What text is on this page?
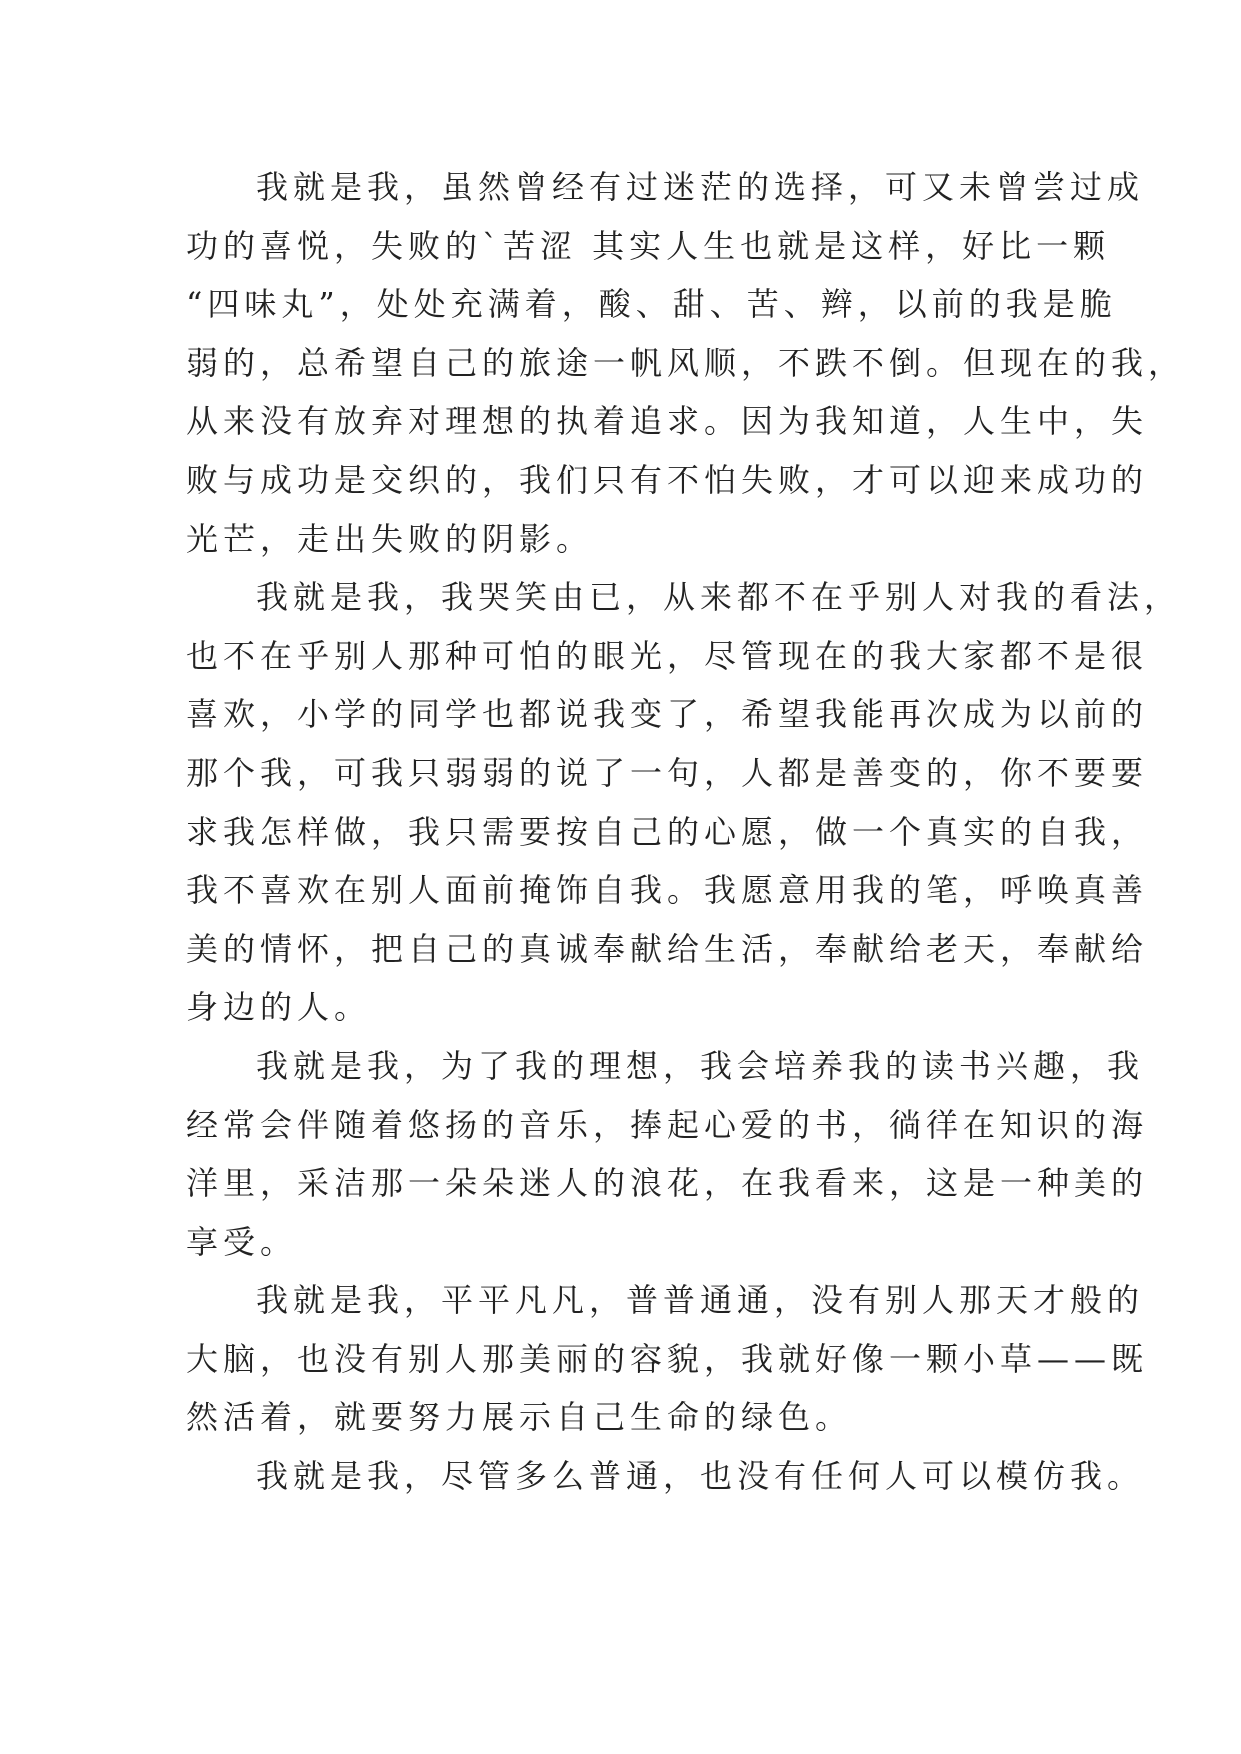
我就是我，虽然曾经有过迷茫的选择，可又未曾尝过成

功的喜悦，失败的`苦涩 其实人生也就是这样，好比一颗

“四味丸”，处处充满着，酸、甜、苦、辫，以前的我是脆

弱的，总希望自己的旅途一帆风顺，不跌不倒。但现在的我，

从来没有放弃对理想的执着追求。因为我知道，人生中，失

败与成功是交织的，我们只有不怕失败，才可以迎来成功的

光芒，走出失败的阴影。

我就是我，我哭笑由已，从来都不在乎别人对我的看法，

也不在乎别人那种可怕的眼光，尽管现在的我大家都不是很

喜欢，小学的同学也都说我变了，希望我能再次成为以前的

那个我，可我只弱弱的说了一句，人都是善变的，你不要要

求我怎样做，我只需要按自己的心愿，做一个真实的自我，

我不喜欢在别人面前掩饰自我。我愿意用我的笔，呼唤真善

美的情怀，把自己的真诚奉献给生活，奉献给老天，奉献给

身边的人。

我就是我，为了我的理想，我会培养我的读书兴趣，我

经常会伴随着悠扬的音乐，捧起心爱的书，徜徉在知识的海

洋里，采洁那一朵朵迷人的浪花，在我看来，这是一种美的

享受。

我就是我，平平凡凡，普普通通，没有别人那天才般的

大脑，也没有别人那美丽的容貌，我就好像一颗小草——既

然活着，就要努力展示自己生命的绿色。

我就是我，尽管多么普通，也没有任何人可以模仿我。
